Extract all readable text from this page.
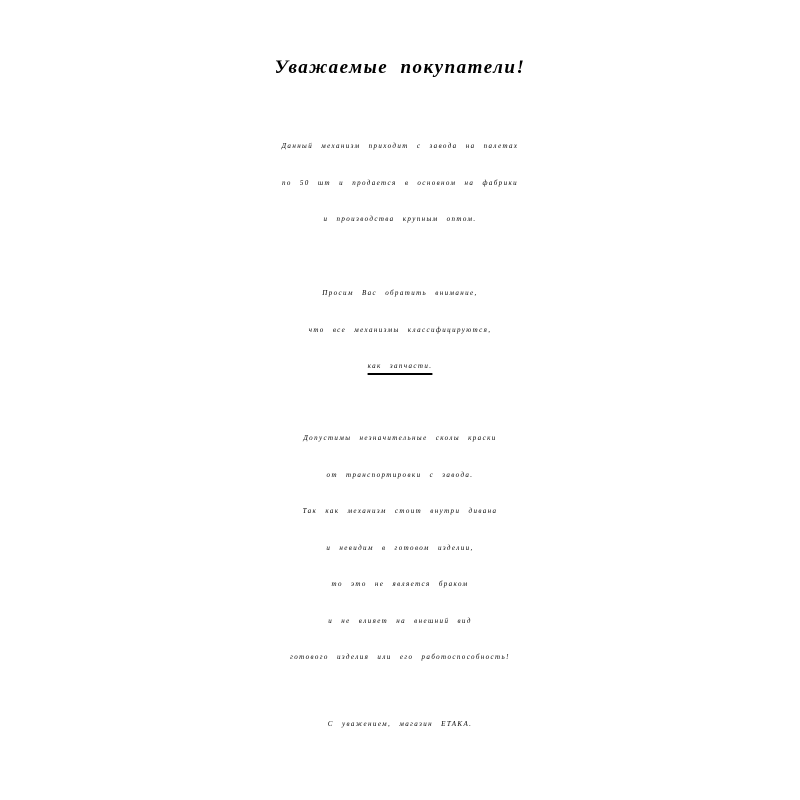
Уважаемые покупатели!

Данный механизм приходит с завода на палетах
по 50 шт и продается в основном на фабрики
и производства крупным оптом.

Просим Вас обратить внимание,
что все механизмы классифицируются,
как запчасти.

Допустимы незначительные сколы краски
от транспортировки с завода.
Так как механизм стоит внутри дивана
и невидим в готовом изделии,
то это не является браком
и не влияет на внешний вид
готового изделия или его работоспособность!

С уважением, магазин ЕТАКА.
